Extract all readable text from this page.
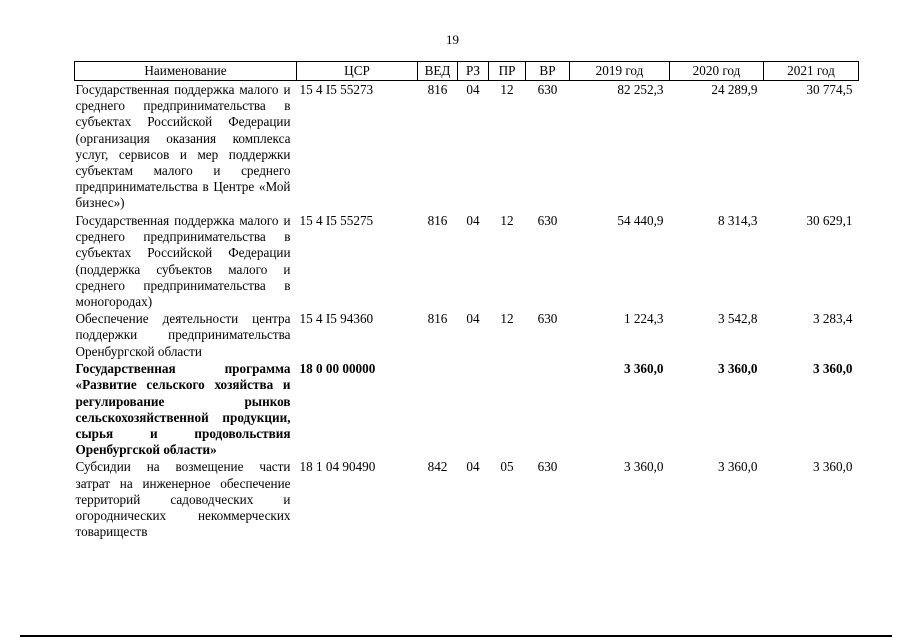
19
Наименование	ЦСР	ВЕД	РЗ	ПР	ВР	2019 год	2020 год	2021 год
Государственная поддержка малого и среднего предпринимательства в субъектах Российской Федерации (организация оказания комплекса услуг, сервисов и мер поддержки субъектам малого и среднего предпринимательства в Центре «Мой бизнес»)	15 4 I5 55273	816	04	12	630	82 252,3	24 289,9	30 774,5
Государственная поддержка малого и среднего предпринимательства в субъектах Российской Федерации (поддержка субъектов малого и среднего предпринимательства в моногородах)	15 4 I5 55275	816	04	12	630	54 440,9	8 314,3	30 629,1
Обеспечение деятельности центра поддержки предпринимательства Оренбургской области	15 4 I5 94360	816	04	12	630	1 224,3	3 542,8	3 283,4
Государственная программа «Развитие сельского хозяйства и регулирование рынков сельскохозяйственной продукции, сырья и продовольствия Оренбургской области»	18 0 00 00000					3 360,0	3 360,0	3 360,0
Субсидии на возмещение части затрат на инженерное обеспечение территорий садоводческих и огороднических некоммерческих товариществ	18 1 04 90490	842	04	05	630	3 360,0	3 360,0	3 360,0
